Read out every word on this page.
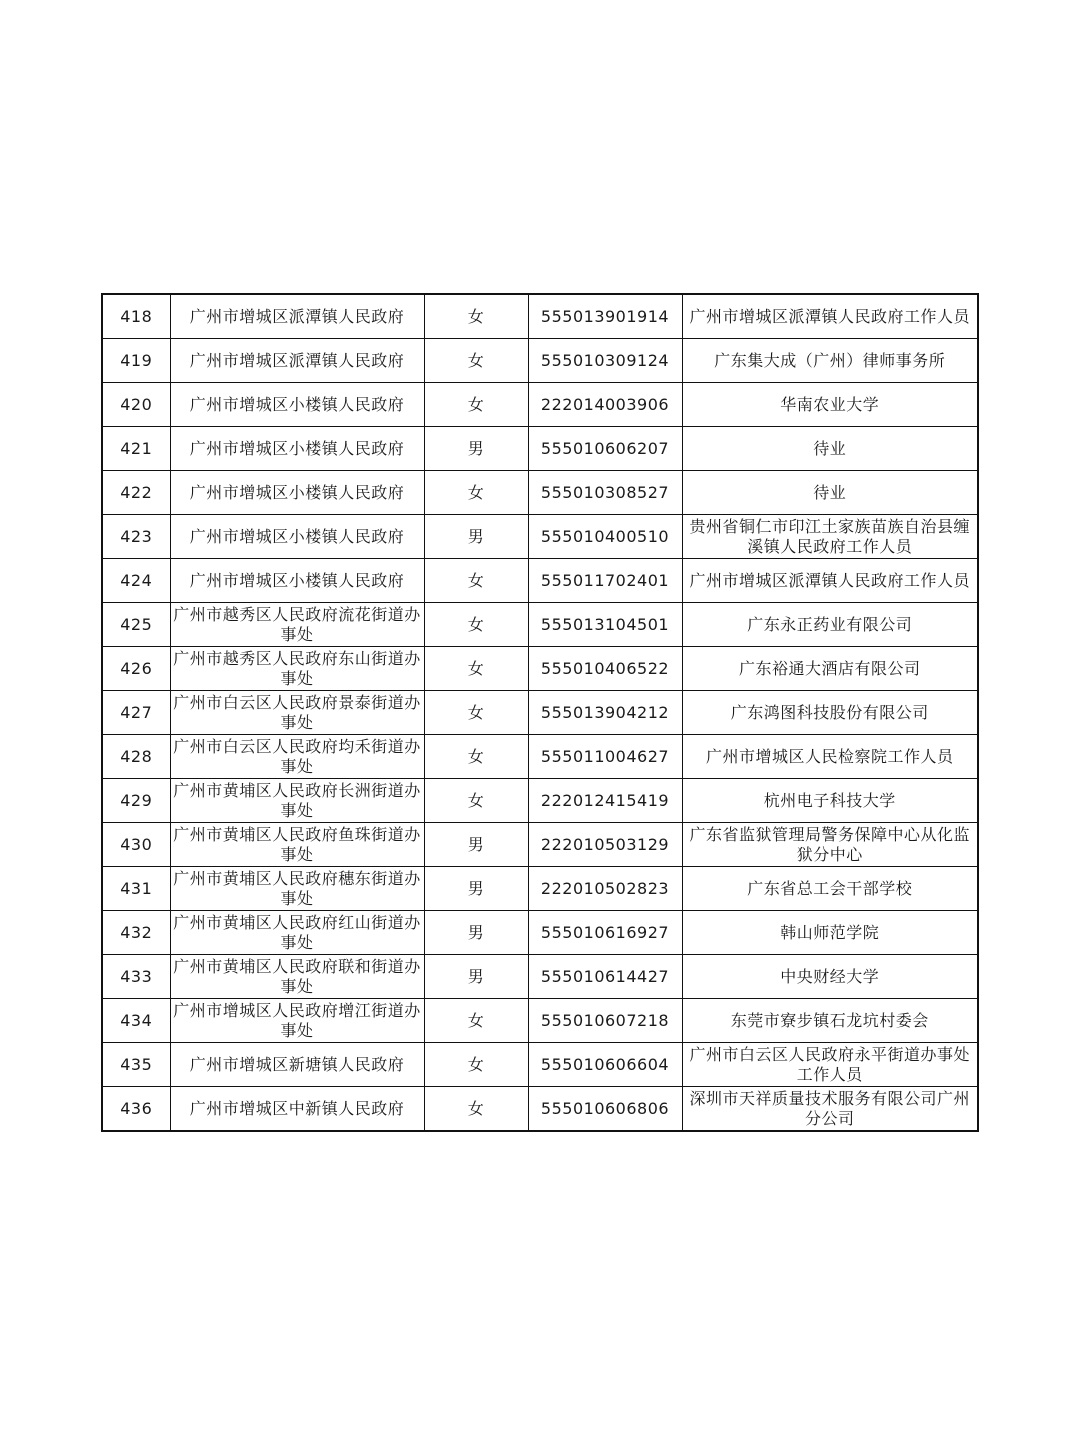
418	广州市增城区派潭镇人民政府	女	555013901914	广州市增城区派潭镇人民政府工作人员
419	广州市增城区派潭镇人民政府	女	555010309124	广东集大成（广州）律师事务所
420	广州市增城区小楼镇人民政府	女	222014003906	华南农业大学
421	广州市增城区小楼镇人民政府	男	555010606207	待业
422	广州市增城区小楼镇人民政府	女	555010308527	待业
423	广州市增城区小楼镇人民政府	男	555010400510	贵州省铜仁市印江土家族苗族自治县缠溪镇人民政府工作人员
424	广州市增城区小楼镇人民政府	女	555011702401	广州市增城区派潭镇人民政府工作人员
425	广州市越秀区人民政府流花街道办事处	女	555013104501	广东永正药业有限公司
426	广州市越秀区人民政府东山街道办事处	女	555010406522	广东裕通大酒店有限公司
427	广州市白云区人民政府景泰街道办事处	女	555013904212	广东鸿图科技股份有限公司
428	广州市白云区人民政府均禾街道办事处	女	555011004627	广州市增城区人民检察院工作人员
429	广州市黄埔区人民政府长洲街道办事处	女	222012415419	杭州电子科技大学
430	广州市黄埔区人民政府鱼珠街道办事处	男	222010503129	广东省监狱管理局警务保障中心从化监狱分中心
431	广州市黄埔区人民政府穗东街道办事处	男	222010502823	广东省总工会干部学校
432	广州市黄埔区人民政府红山街道办事处	男	555010616927	韩山师范学院
433	广州市黄埔区人民政府联和街道办事处	男	555010614427	中央财经大学
434	广州市增城区人民政府增江街道办事处	女	555010607218	东莞市寮步镇石龙坑村委会
435	广州市增城区新塘镇人民政府	女	555010606604	广州市白云区人民政府永平街道办事处工作人员
436	广州市增城区中新镇人民政府	女	555010606806	深圳市天祥质量技术服务有限公司广州分公司
